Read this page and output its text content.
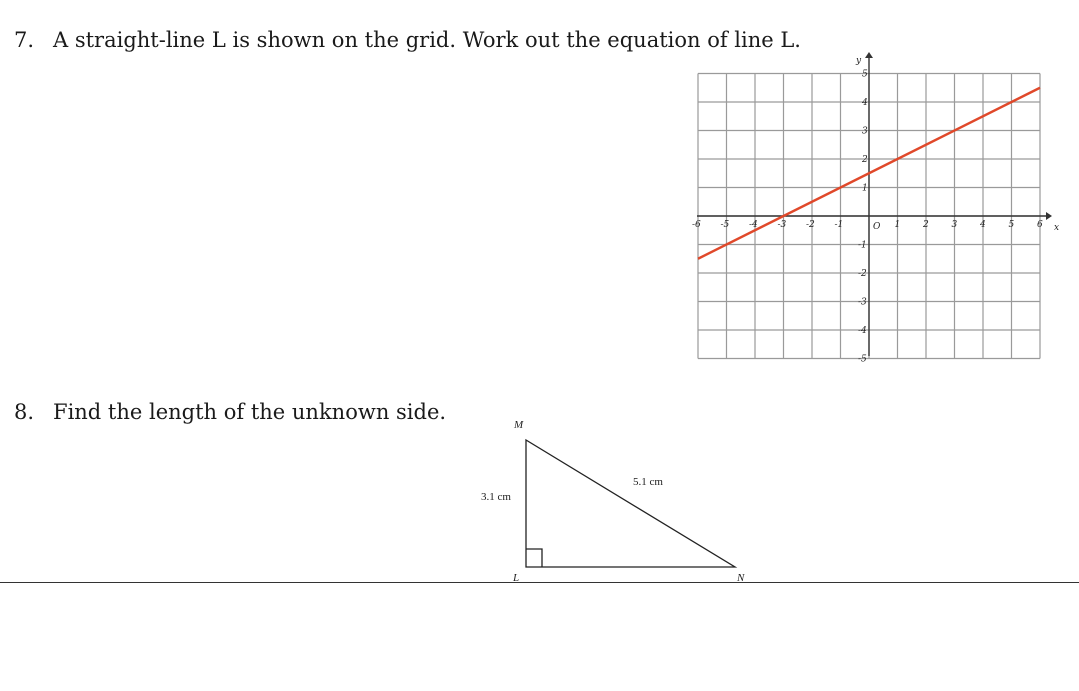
7. A straight-line L is shown on the grid. Work out the equation of line L.
8. Find the length of the unknown side.
-6 -5 -4 -3 -2 -1	1	2	3	4	5	6
5
4
3
2
1
-1
-2
-3
-4
-5
x
y
O
M
L	N
3.1 cm
5.1 cm
